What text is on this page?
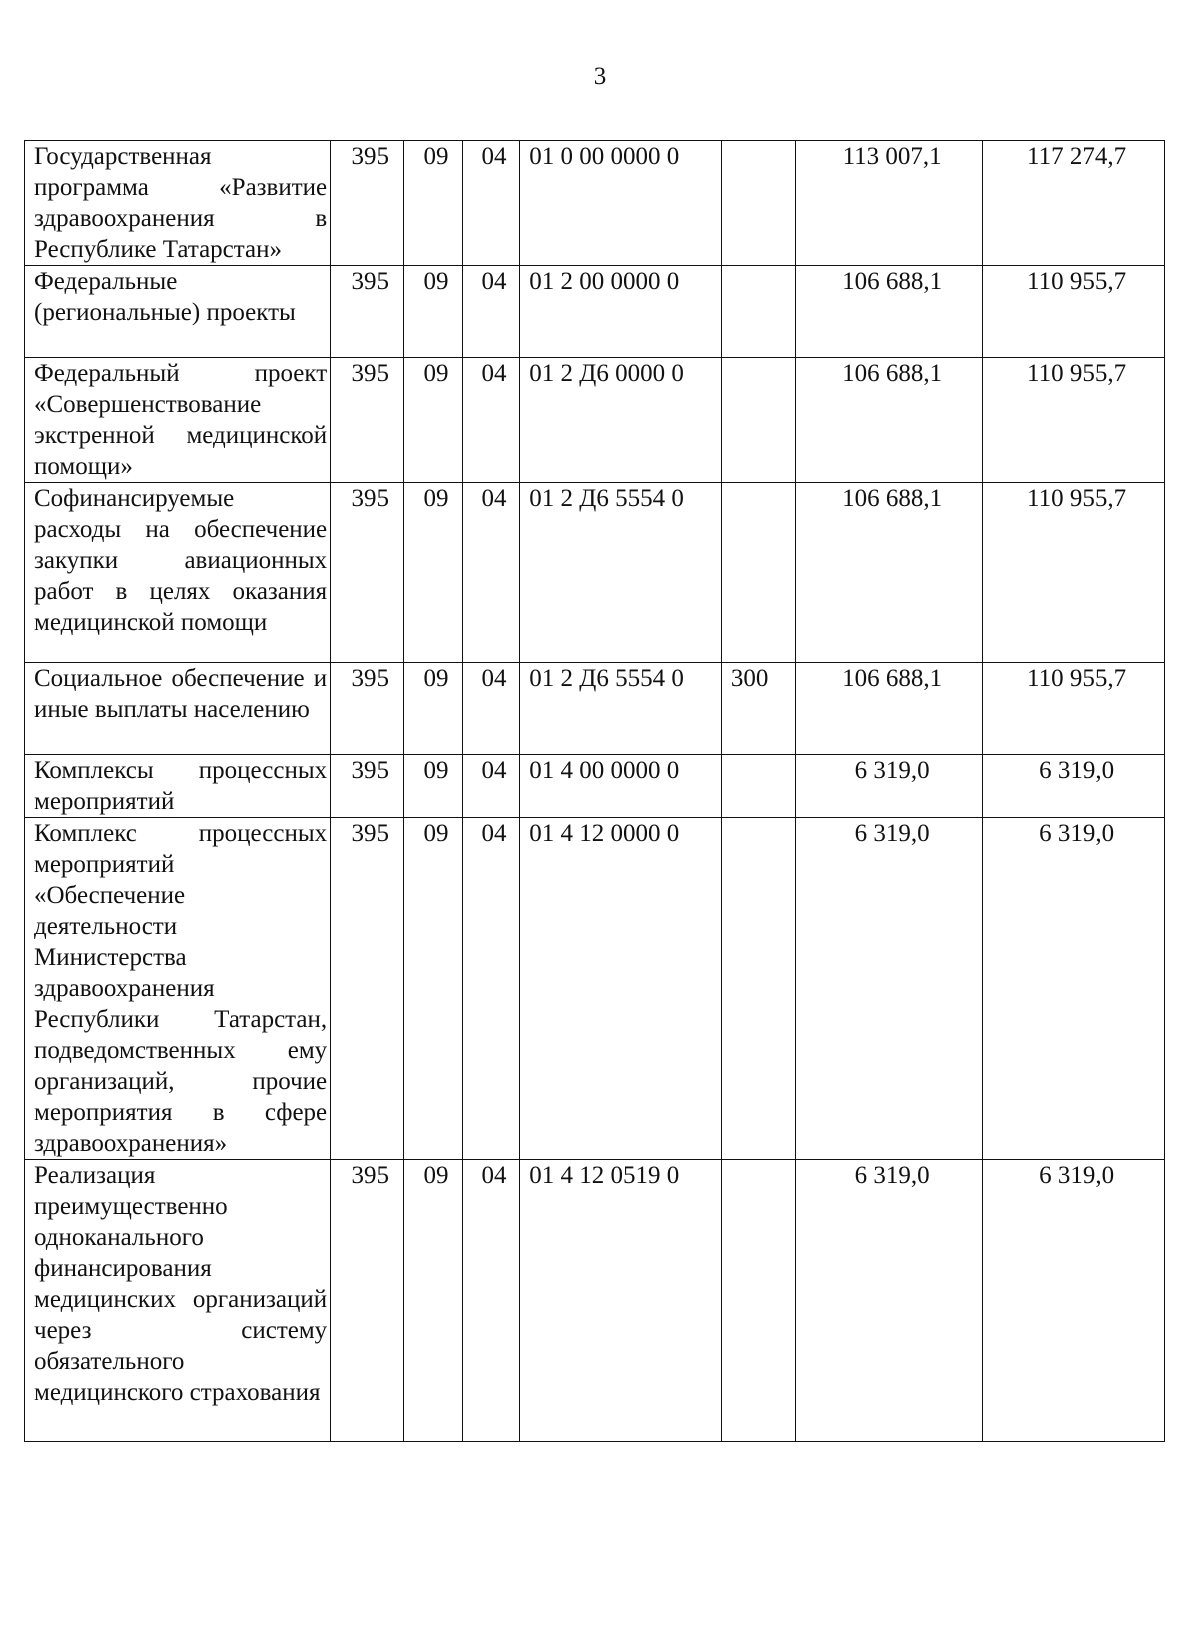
3
Государственная программа «Развитие здравоохранения в Республике Татарстан»	395	09	04	01 0 00 0000 0		113 007,1	117 274,7
Федеральные (региональные) проекты	395	09	04	01 2 00 0000 0		106 688,1	110 955,7
Федеральный проект «Совершенствование экстренной медицинской помощи»	395	09	04	01 2 Д6 0000 0		106 688,1	110 955,7
Софинансируемые расходы на обеспечение закупки авиационных работ в целях оказания медицинской помощи	395	09	04	01 2 Д6 5554 0		106 688,1	110 955,7
Социальное обеспечение и иные выплаты населению	395	09	04	01 2 Д6 5554 0	300	106 688,1	110 955,7
Комплексы процессных мероприятий	395	09	04	01 4 00 0000 0		6 319,0	6 319,0
Комплекс процессных мероприятий «Обеспечение деятельности Министерства здравоохранения Республики Татарстан, подведомственных ему организаций, прочие мероприятия в сфере здравоохранения»	395	09	04	01 4 12 0000 0		6 319,0	6 319,0
Реализация преимущественно одноканального финансирования медицинских организаций через систему обязательного медицинского страхования	395	09	04	01 4 12 0519 0		6 319,0	6 319,0
